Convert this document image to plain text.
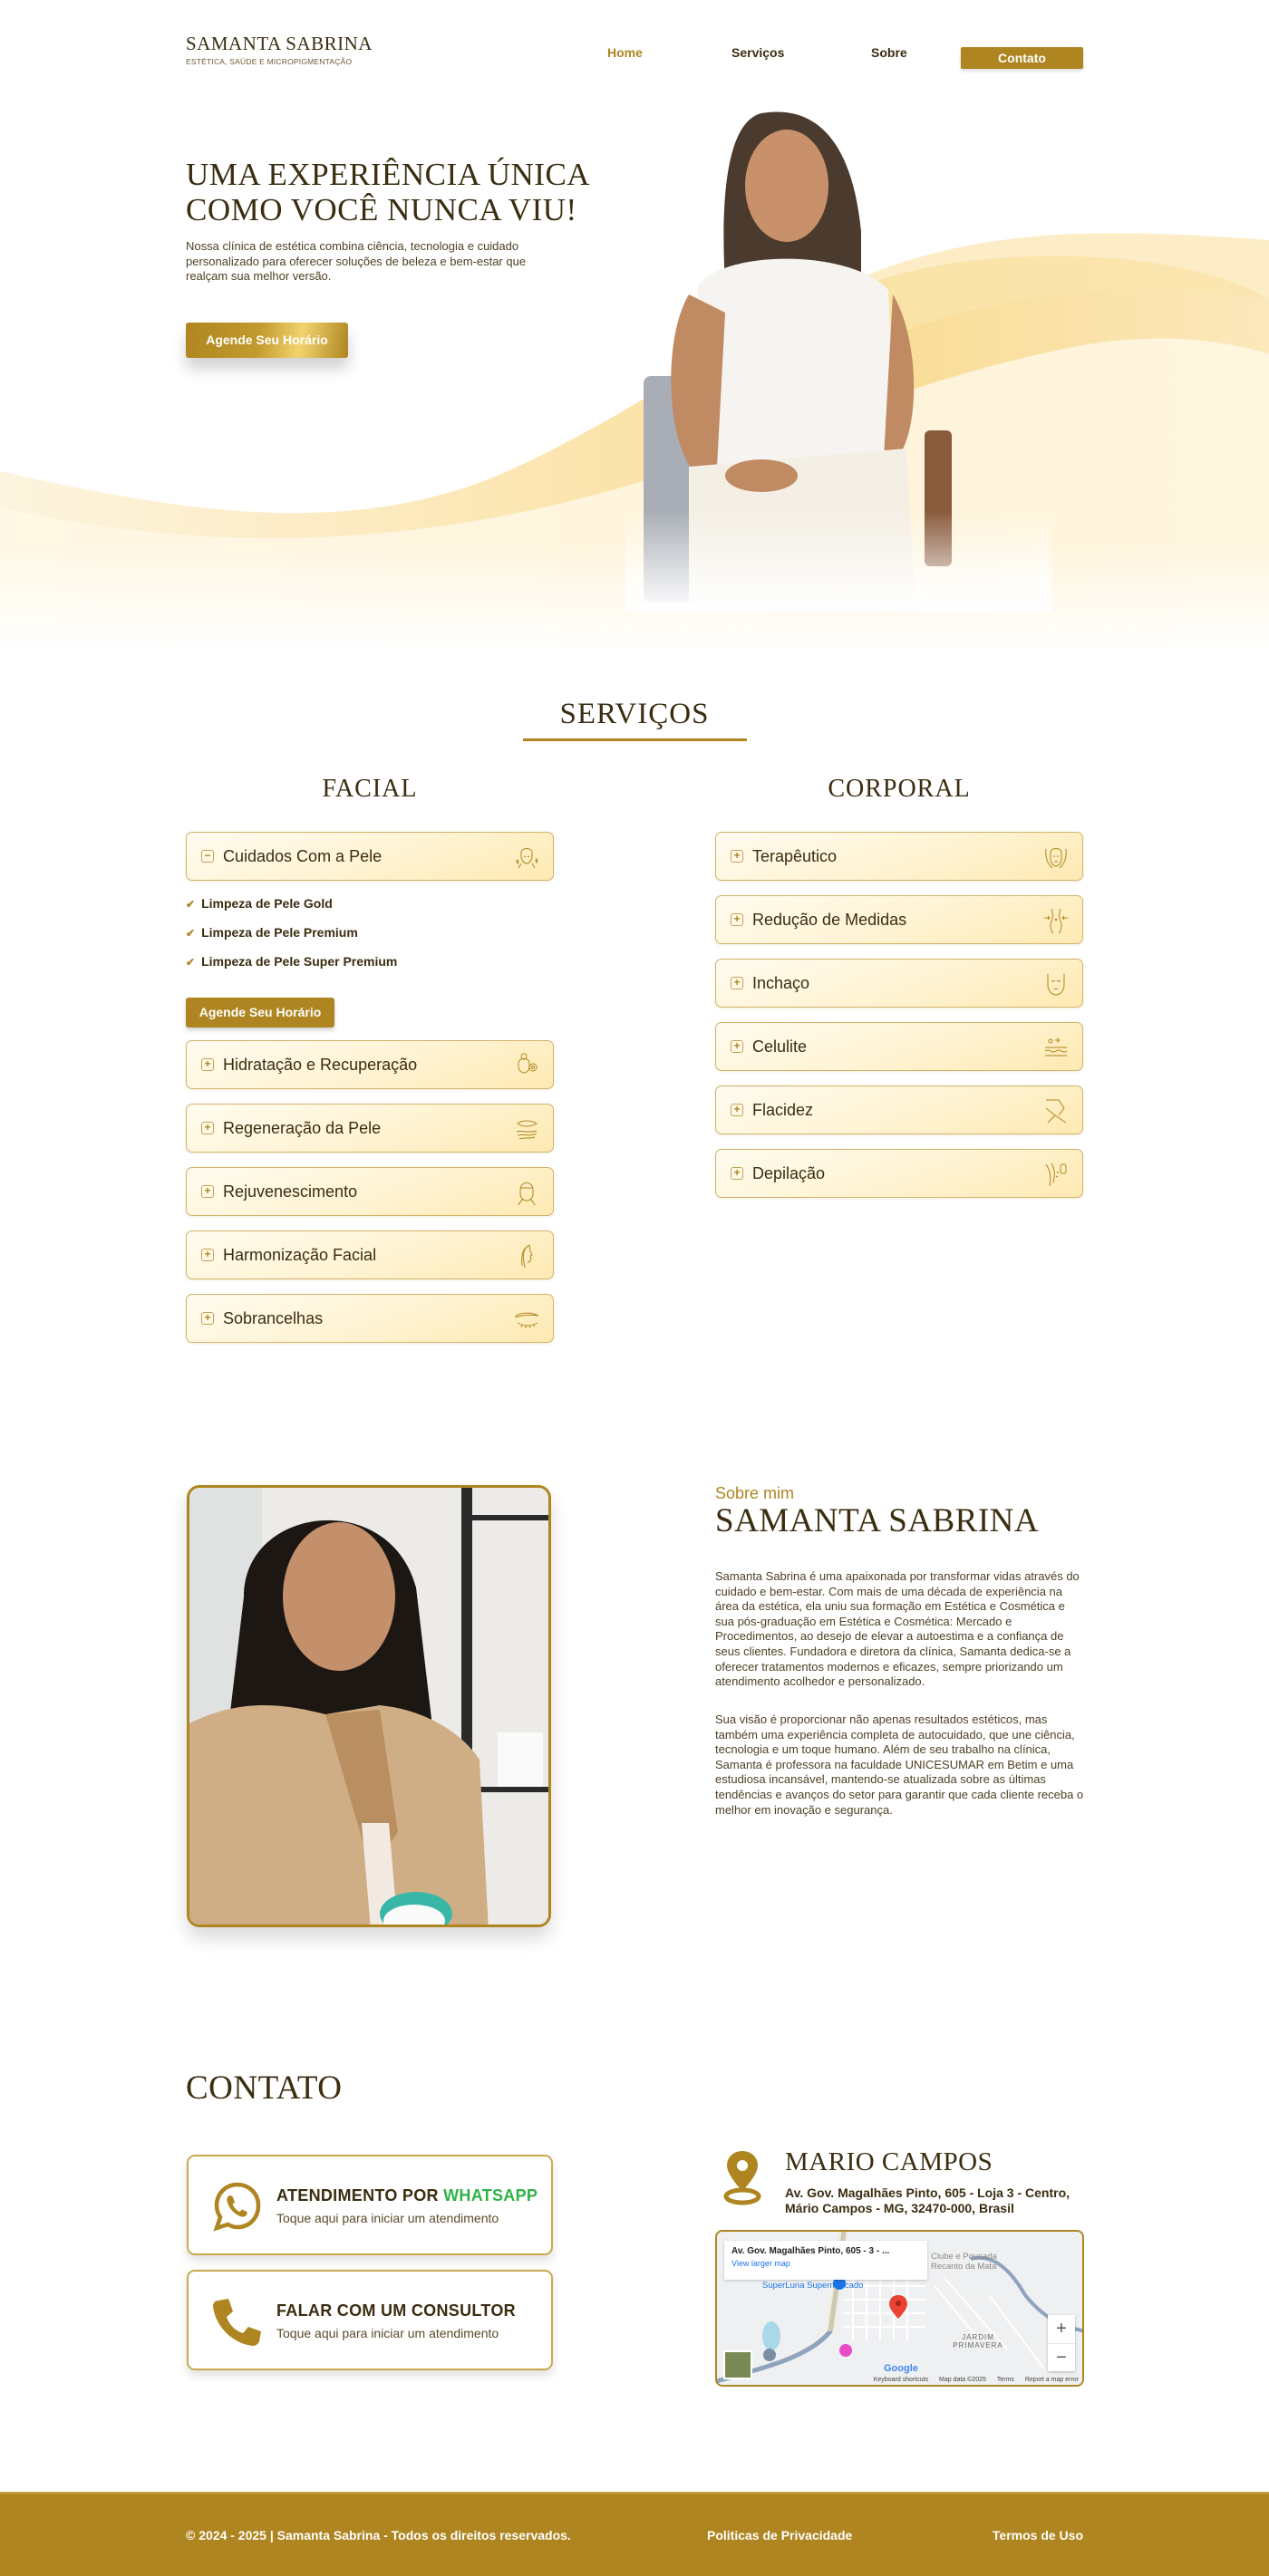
UMA EXPERIÊNCIA ÚNICA
COMO VOCÊ NUNCA VIU!
Nossa clínica de estética combina ciência, tecnologia e cuidado personalizado para oferecer soluções de beleza e bem-estar que realçam sua melhor versão.
Agende Seu Horário
SAMANTA SABRINA
ESTÉTICA, SAÚDE E MICROPIGMENTAÇÃO
Home	Serviços	Sobre	Contato
SERVIÇOS
FACIAL	CORPORAL
− Cuidados Com a Pele
✔ Limpeza de Pele Gold
✔ Limpeza de Pele Premium
✔ Limpeza de Pele Super Premium
Agende Seu Horário
+ Hidratação e Recuperação
+ Regeneração da Pele
+ Rejuvenescimento
+ Harmonização Facial
+ Sobrancelhas
+ Terapêutico
+ Redução de Medidas
+ Inchaço
+ Celulite
+ Flacidez
+ Depilação
Sobre mim
SAMANTA SABRINA
Samanta Sabrina é uma apaixonada por transformar vidas através do cuidado e bem-estar. Com mais de uma década de experiência na área da estética, ela uniu sua formação em Estética e Cosmética e sua pós-graduação em Estética e Cosmética: Mercado e Procedimentos, ao desejo de elevar a autoestima e a confiança de seus clientes. Fundadora e diretora da clínica, Samanta dedica-se a oferecer tratamentos modernos e eficazes, sempre priorizando um atendimento acolhedor e personalizado.
Sua visão é proporcionar não apenas resultados estéticos, mas também uma experiência completa de autocuidado, que une ciência, tecnologia e um toque humano. Além de seu trabalho na clínica, Samanta é professora na faculdade UNICESUMAR em Betim e uma estudiosa incansável, mantendo-se atualizada sobre as últimas tendências e avanços do setor para garantir que cada cliente receba o melhor em inovação e segurança.
CONTATO
ATENDIMENTO POR WHATSAPP
Toque aqui para iniciar um atendimento
FALAR COM UM CONSULTOR
Toque aqui para iniciar um atendimento
MARIO CAMPOS
Av. Gov. Magalhães Pinto, 605 - Loja 3 - Centro, Mário Campos - MG, 32470-000, Brasil
Av. Gov. Magalhães Pinto, 605 - 3 - ...
View larger map
SuperLuna Supermercado
Clube e Pousada Recanto da Mata
JARDIM PRIMAVERA
Google
+
−
Keyboard shortcuts Map data ©2025 Terms Report a map error
© 2024 - 2025 | Samanta Sabrina - Todos os direitos reservados.	Politicas de Privacidade	Termos de Uso
